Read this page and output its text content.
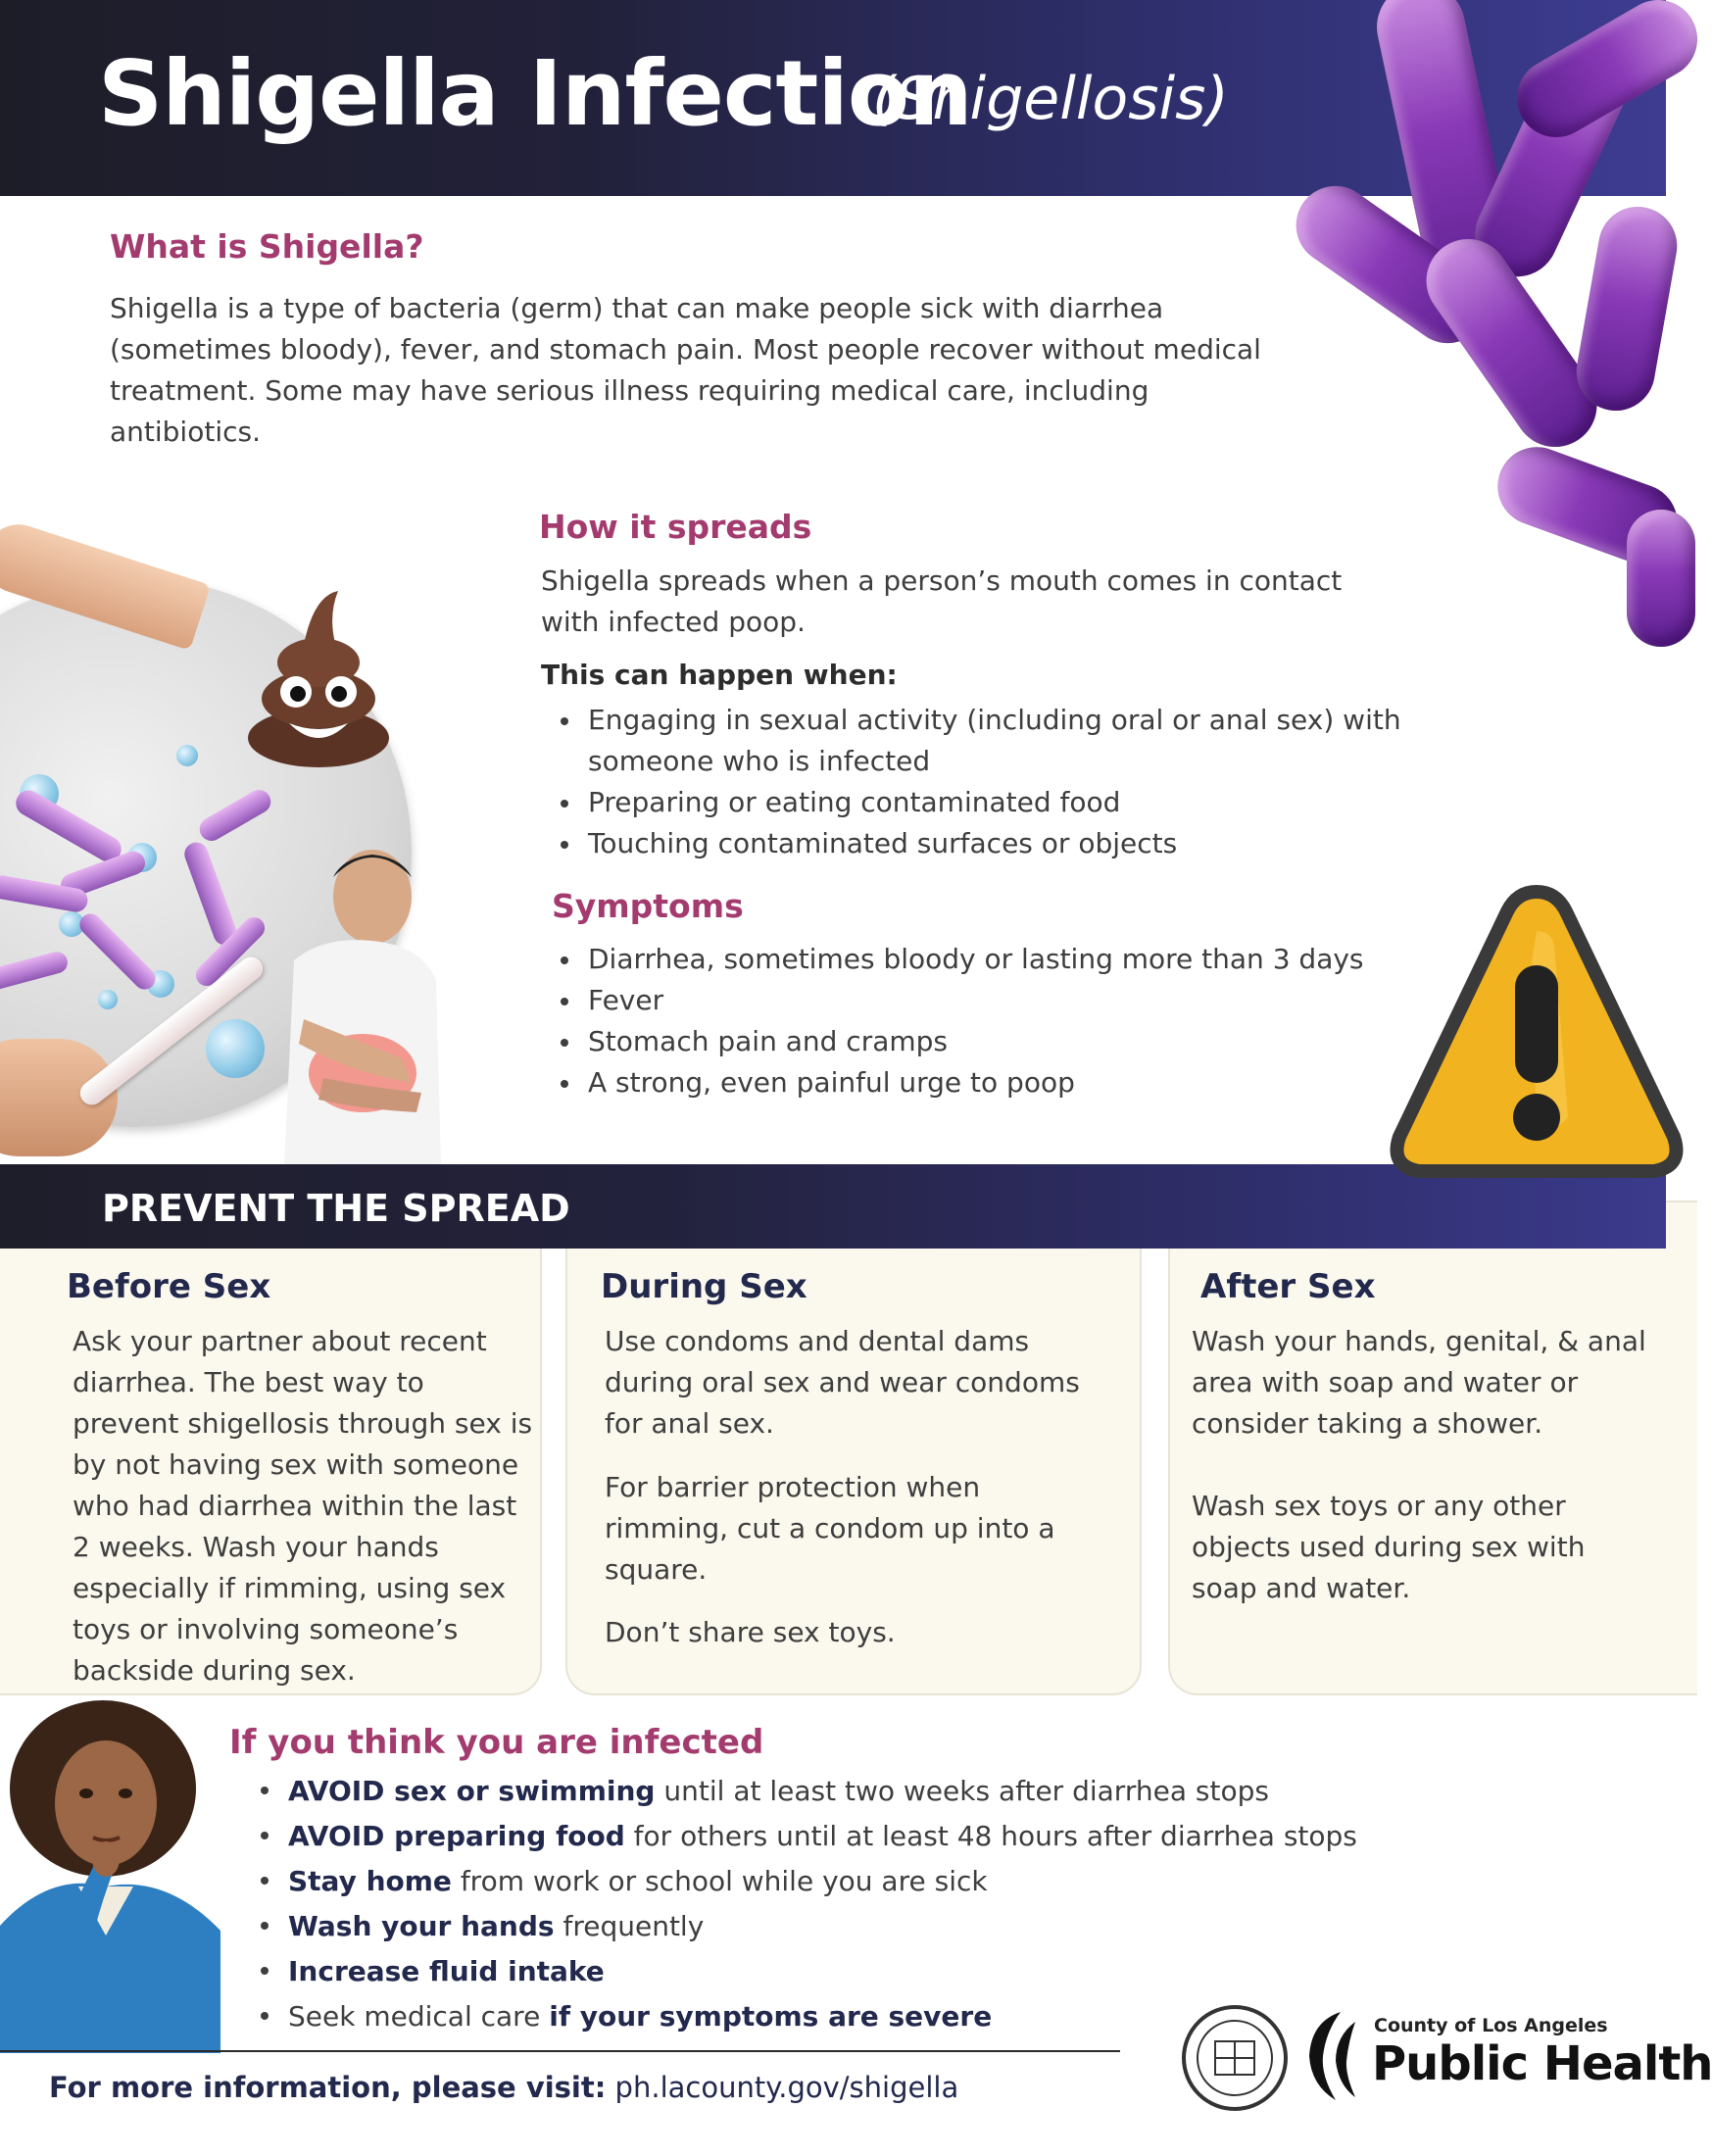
Shigella Infection
(Shigellosis)
What is Shigella?
Shigella is a type of bacteria (germ) that can make people sick with diarrhea (sometimes bloody), fever, and stomach pain. Most people recover without medical treatment. Some may have serious illness requiring medical care, including antibiotics.
How it spreads
Shigella spreads when a person’s mouth comes in contact with infected poop.
This can happen when:
Engaging in sexual activity (including oral or anal sex) with someone who is infected
Preparing or eating contaminated food
Touching contaminated surfaces or objects
Symptoms
Diarrhea, sometimes bloody or lasting more than 3 days
Fever
Stomach pain and cramps
A strong, even painful urge to poop
PREVENT THE SPREAD
Before Sex
Ask your partner about recent diarrhea. The best way to prevent shigellosis through sex is by not having sex with someone who had diarrhea within the last 2 weeks. Wash your hands especially if rimming, using sex toys or involving someone’s backside during sex.
During Sex
Use condoms and dental dams during oral sex and wear condoms for anal sex.
For barrier protection when rimming, cut a condom up into a square.
Don’t share sex toys.
After Sex
Wash your hands, genital, & anal area with soap and water or consider taking a shower.
Wash sex toys or any other objects used during sex with soap and water.
If you think you are infected
AVOID sex or swimming until at least two weeks after diarrhea stops
AVOID preparing food for others until at least 48 hours after diarrhea stops
Stay home from work or school while you are sick
Wash your hands frequently
Increase fluid intake
Seek medical care if your symptoms are severe
For more information, please visit: ph.lacounty.gov/shigella
County of Los Angeles
Public Health
